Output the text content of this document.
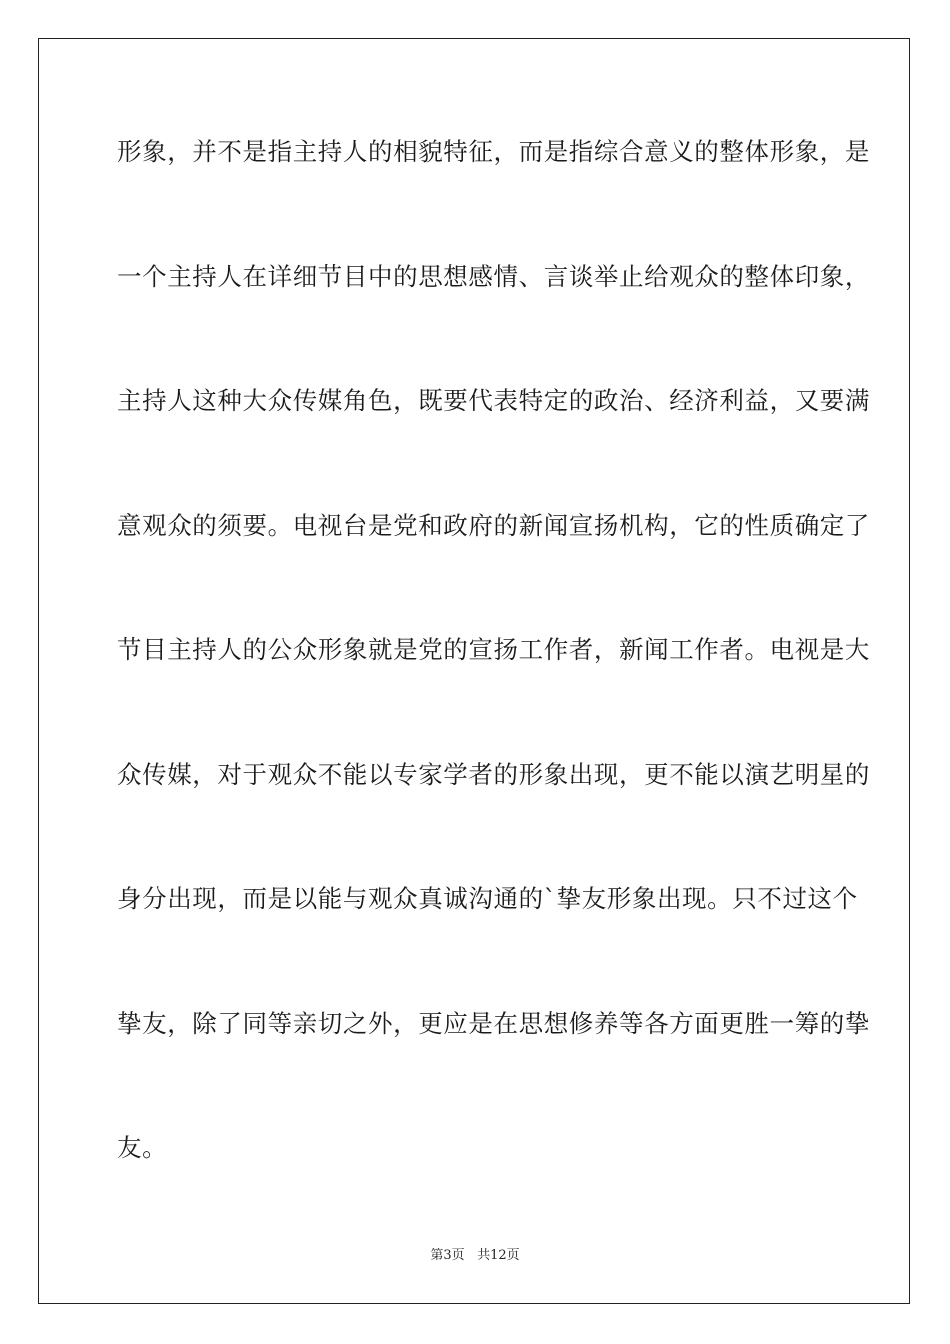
形象，并不是指主持人的相貌特征，而是指综合意义的整体形象，是
一个主持人在详细节目中的思想感情、言谈举止给观众的整体印象，
主持人这种大众传媒角色，既要代表特定的政治、经济利益，又要满
意观众的须要。电视台是党和政府的新闻宣扬机构，它的性质确定了
节目主持人的公众形象就是党的宣扬工作者，新闻工作者。电视是大
众传媒，对于观众不能以专家学者的形象出现，更不能以演艺明星的
身分出现，而是以能与观众真诚沟通的`挚友形象出现。只不过这个
挚友，除了同等亲切之外，更应是在思想修养等各方面更胜一筹的挚
友。
第3页 共12页
